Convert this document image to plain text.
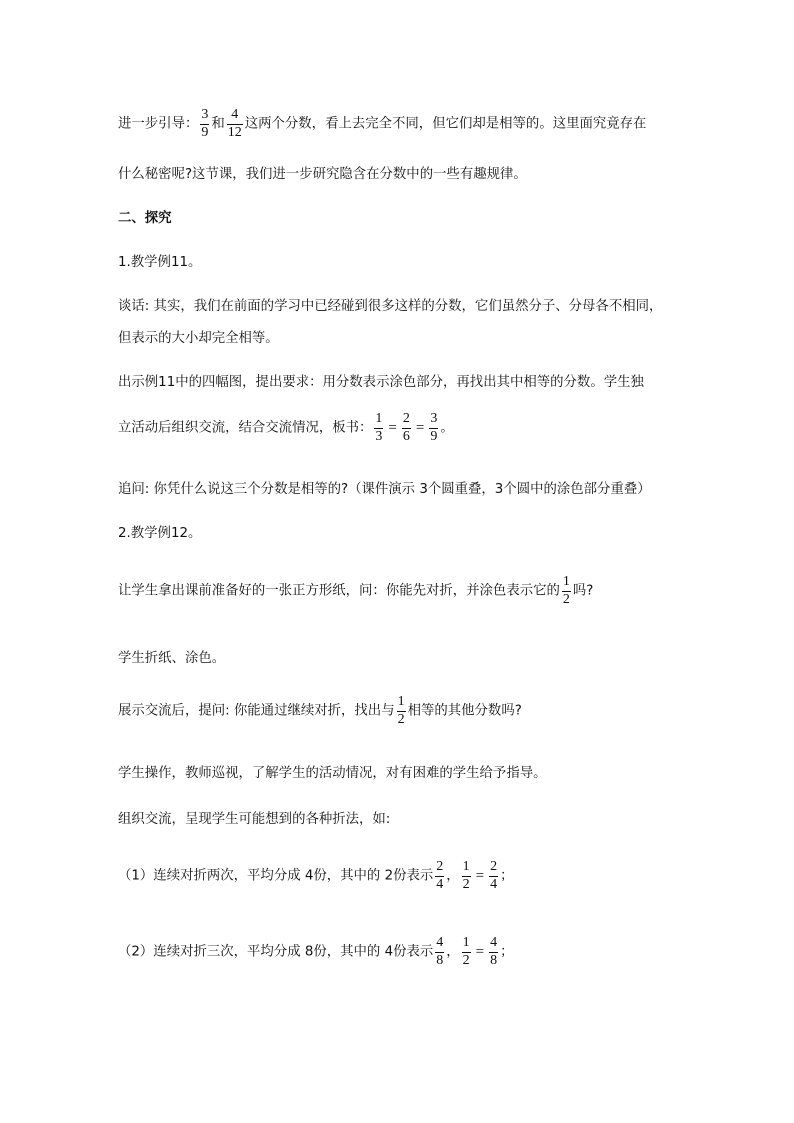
进一步引导： $\frac{3}{9}$ 和 $\frac{4}{12}$ 这两个分数，看上去完全不同，但它们却是相等的。这里面究竟存在
什么秘密呢?这节课，我们进一步研究隐含在分数中的一些有趣规律。
二、探究
1.教学例11。
谈话: 其实，我们在前面的学习中已经碰到很多这样的分数，它们虽然分子、分母各不相同，
但表示的大小却完全相等。
出示例11中的四幅图，提出要求：用分数表示涂色部分，再找出其中相等的分数。学生独
立活动后组织交流，结合交流情况，板书： $\frac{1}{3} = \frac{2}{6} = \frac{3}{9}$ 。
追问: 你凭什么说这三个分数是相等的?（课件演示 3个圆重叠，3个圆中的涂色部分重叠）
2.教学例12。
让学生拿出课前准备好的一张正方形纸，问：你能先对折，并涂色表示它的 $\frac{1}{2}$ 吗?
学生折纸、涂色。
展示交流后，提问: 你能通过继续对折，找出与 $\frac{1}{2}$ 相等的其他分数吗?
学生操作，教师巡视，了解学生的活动情况，对有困难的学生给予指导。
组织交流，呈现学生可能想到的各种折法，如:
（1）连续对折两次，平均分成 4份，其中的 2份表示 $\frac{2}{4}$ ， $\frac{1}{2} = \frac{2}{4}$ ；
（2）连续对折三次，平均分成 8份，其中的 4份表示 $\frac{4}{8}$ ， $\frac{1}{2} = \frac{4}{8}$ ；
